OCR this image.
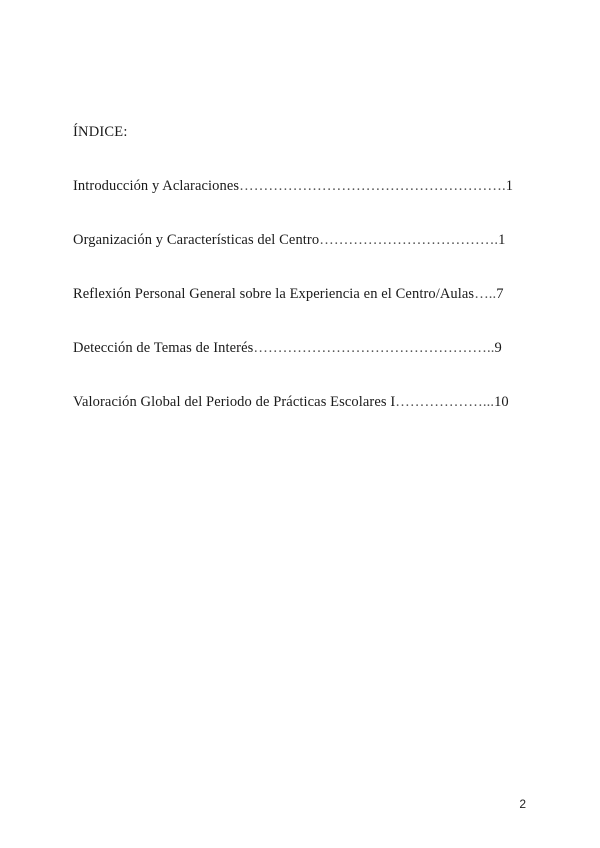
ÍNDICE:
Introducción y Aclaraciones……………………………………………….1
Organización y Características del Centro……………………………….1
Reflexión Personal General sobre la Experiencia en el Centro/Aulas…..7
Detección de Temas de Interés…………………………………………..9
Valoración Global del Periodo de Prácticas Escolares I………………...10
2
